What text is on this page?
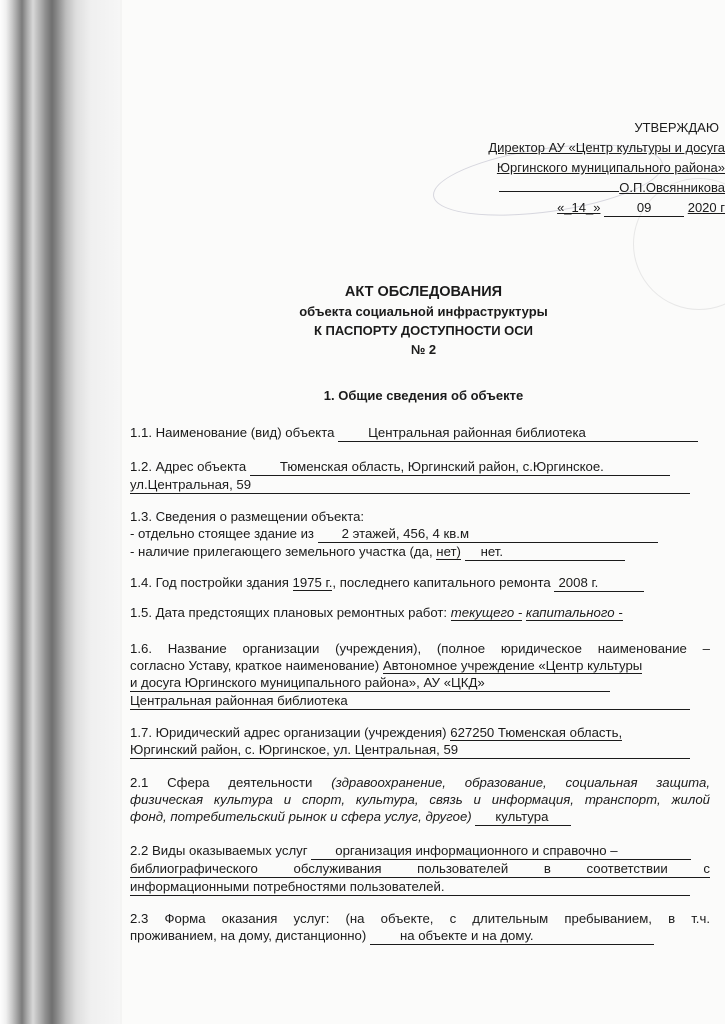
УТВЕРЖДАЮ
Директор АУ «Центр культуры и досуга
Юргинского муниципального района»
О.П.Овсянникова
«_14_»	09	2020 г
АКТ ОБСЛЕДОВАНИЯ
объекта социальной инфраструктуры
К ПАСПОРТУ ДОСТУПНОСТИ ОСИ
№ 2
1. Общие сведения об объекте
1.1. Наименование (вид) объекта	Центральная районная библиотека
1.2. Адрес объекта	Тюменская область, Юргинский район, с.Юргинское.
ул.Центральная, 59
1.3. Сведения о размещении объекта:
- отдельно стоящее здание из 2 этажей, 456, 4 кв.м
- наличие прилегающего земельного участка (да, нет) нет.
1.4. Год постройки здания 1975 г., последнего капитального ремонта 2008 г.
1.5. Дата предстоящих плановых ремонтных работ: текущего - капитального -
1.6. Название организации (учреждения), (полное юридическое наименование –
согласно Уставу, краткое наименование) Автономное учреждение «Центр культуры
и досуга Юргинского муниципального района», АУ «ЦКД»
Центральная районная библиотека
1.7. Юридический адрес организации (учреждения) 627250 Тюменская область,
Юргинский район, с. Юргинское, ул. Центральная, 59
2.1 Сфера деятельности (здравоохранение, образование, социальная защита,
физическая культура и спорт, культура, связь и информация, транспорт, жилой
фонд, потребительский рынок и сфера услуг, другое) культура
2.2 Виды оказываемых услуг организация информационного и справочно –
библиографического обслуживания пользователей в соответствии с
информационными потребностями пользователей.
2.3 Форма оказания услуг: (на объекте, с длительным пребыванием, в т.ч.
проживанием, на дому, дистанционно)	на объекте и на дому.
